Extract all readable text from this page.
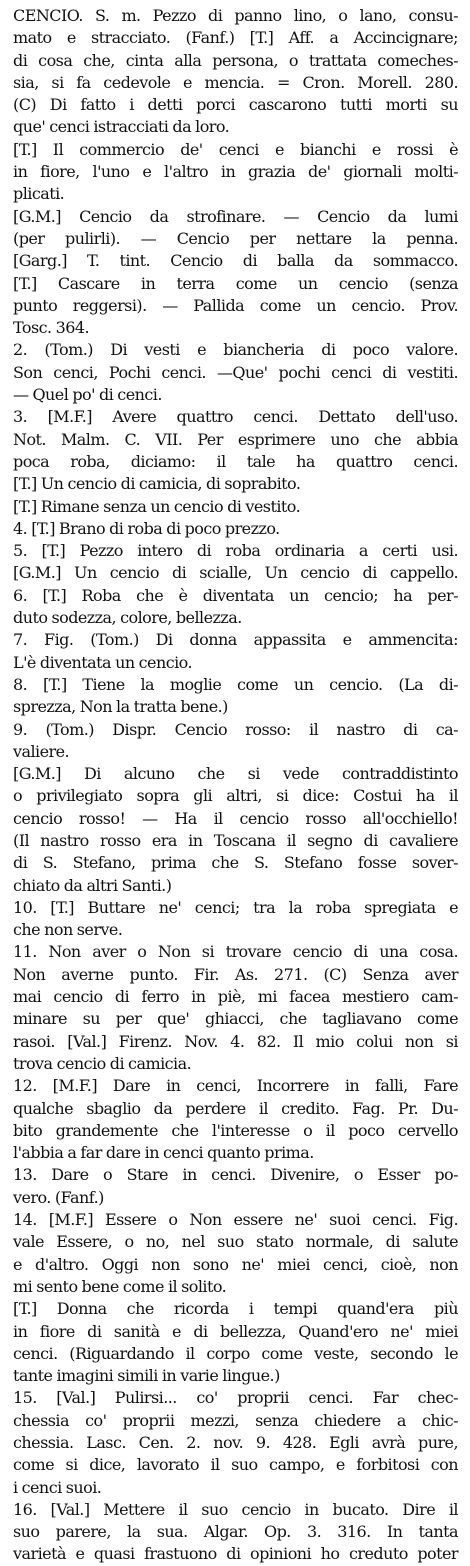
CENCIO. S. m. Pezzo di panno lino, o lano, consu-
mato e stracciato. (Fanf.) [T.] Aff. a Accincignare;
di cosa che, cinta alla persona, o trattata comeches-
sia, si fa cedevole e mencia. = Cron. Morell. 280.
(C) Di fatto i detti porci cascarono tutti morti su
que' cenci istracciati da loro.
[T.] Il commercio de' cenci e bianchi e rossi è
in fiore, l'uno e l'altro in grazia de' giornali molti-
plicati.
[G.M.] Cencio da strofinare. — Cencio da lumi
(per pulirli). — Cencio per nettare la penna.
[Garg.] T. tint. Cencio di balla da sommacco.
[T.] Cascare in terra come un cencio (senza
punto reggersi). — Pallida come un cencio. Prov.
Tosc. 364.
2. (Tom.) Di vesti e biancheria di poco valore.
Son cenci, Pochi cenci. —Que' pochi cenci di vestiti.
— Quel po' di cenci.
3. [M.F.] Avere quattro cenci. Dettato dell'uso.
Not. Malm. C. VII. Per esprimere uno che abbia
poca roba, diciamo: il tale ha quattro cenci.
[T.] Un cencio di camicia, di soprabito.
[T.] Rimane senza un cencio di vestito.
4. [T.] Brano di roba di poco prezzo.
5. [T.] Pezzo intero di roba ordinaria a certi usi.
[G.M.] Un cencio di scialle, Un cencio di cappello.
6. [T.] Roba che è diventata un cencio; ha per-
duto sodezza, colore, bellezza.
7. Fig. (Tom.) Di donna appassita e ammencita:
L'è diventata un cencio.
8. [T.] Tiene la moglie come un cencio. (La di-
sprezza, Non la tratta bene.)
9. (Tom.) Dispr. Cencio rosso: il nastro di ca-
valiere.
[G.M.] Di alcuno che si vede contraddistinto
o privilegiato sopra gli altri, si dice: Costui ha il
cencio rosso! — Ha il cencio rosso all'occhiello!
(Il nastro rosso era in Toscana il segno di cavaliere
di S. Stefano, prima che S. Stefano fosse sover-
chiato da altri Santi.)
10. [T.] Buttare ne' cenci; tra la roba spregiata e
che non serve.
11. Non aver o Non si trovare cencio di una cosa.
Non averne punto. Fir. As. 271. (C) Senza aver
mai cencio di ferro in piè, mi facea mestiero cam-
minare su per que' ghiacci, che tagliavano come
rasoi. [Val.] Firenz. Nov. 4. 82. Il mio colui non si
trova cencio di camicia.
12. [M.F.] Dare in cenci, Incorrere in falli, Fare
qualche sbaglio da perdere il credito. Fag. Pr. Du-
bito grandemente che l'interesse o il poco cervello
l'abbia a far dare in cenci quanto prima.
13. Dare o Stare in cenci. Divenire, o Esser po-
vero. (Fanf.)
14. [M.F.] Essere o Non essere ne' suoi cenci. Fig.
vale Essere, o no, nel suo stato normale, di salute
e d'altro. Oggi non sono ne' miei cenci, cioè, non
mi sento bene come il solito.
[T.] Donna che ricorda i tempi quand'era più
in fiore di sanità e di bellezza, Quand'ero ne' miei
cenci. (Riguardando il corpo come veste, secondo le
tante imagini simili in varie lingue.)
15. [Val.] Pulirsi... co' proprii cenci. Far chec-
chessia co' proprii mezzi, senza chiedere a chic-
chessia. Lasc. Cen. 2. nov. 9. 428. Egli avrà pure,
come si dice, lavorato il suo campo, e forbitosi con
i cenci suoi.
16. [Val.] Mettere il suo cencio in bucato. Dire il
suo parere, la sua. Algar. Op. 3. 316. In tanta
varietà e quasi frastuono di opinioni ho creduto poter
